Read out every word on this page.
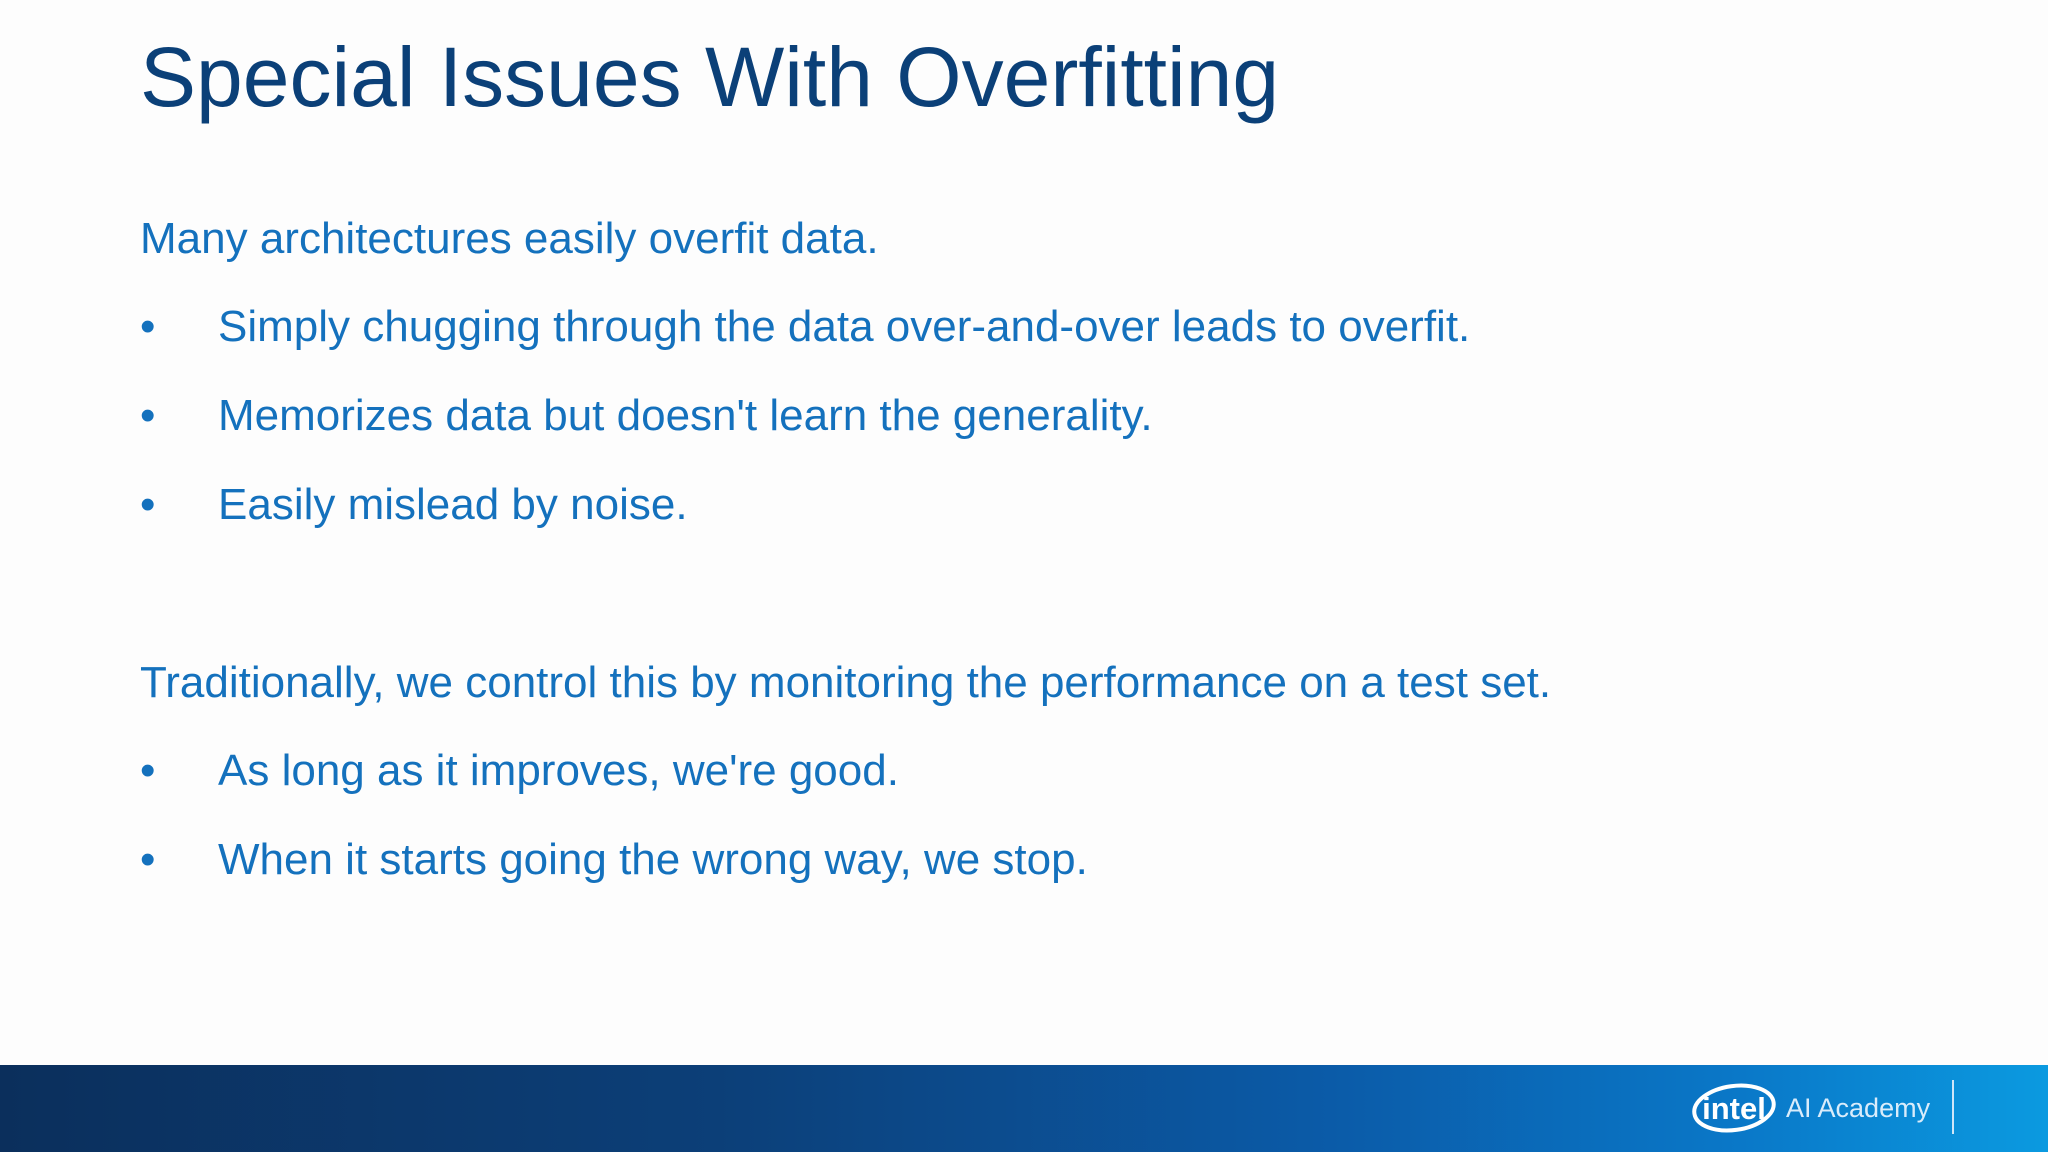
Special Issues With Overfitting
Many architectures easily overfit data.
• Simply chugging through the data over-and-over leads to overfit.
• Memorizes data but doesn't learn the generality.
• Easily mislead by noise.
Traditionally, we control this by monitoring the performance on a test set.
• As long as it improves, we're good.
• When it starts going the wrong way, we stop.
intel AI Academy
